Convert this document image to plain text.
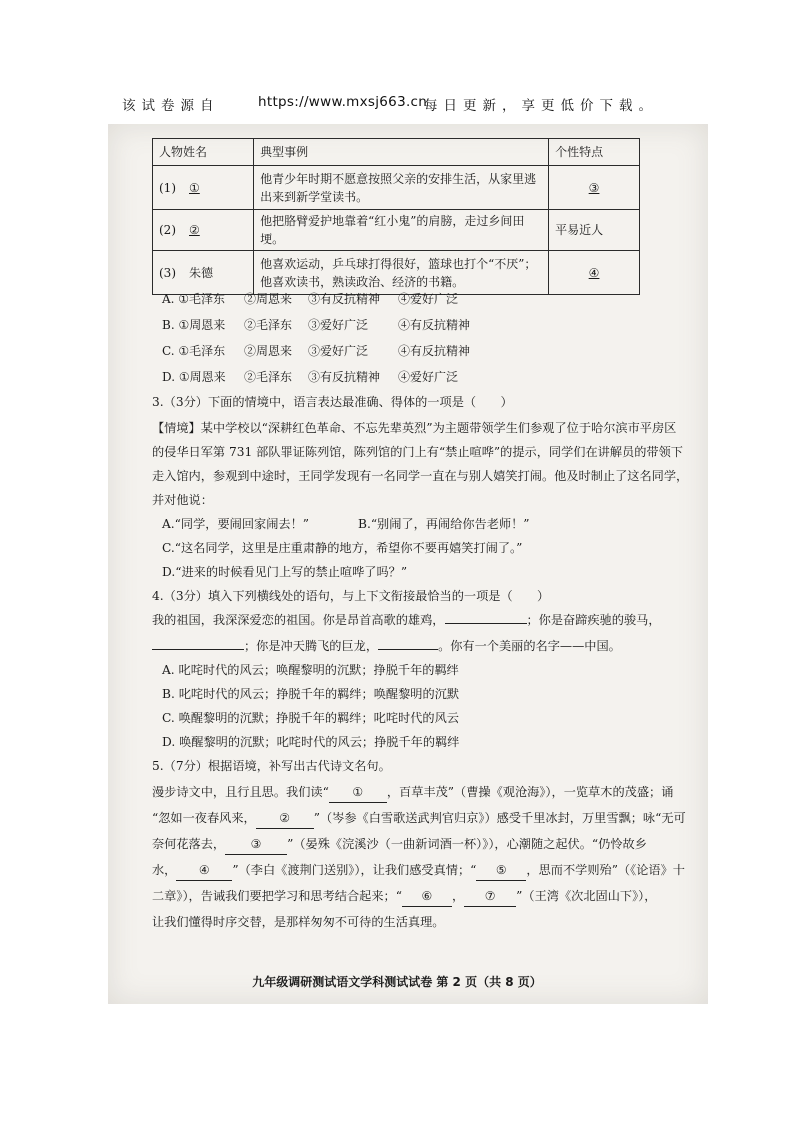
该试卷源自	https://www.mxsj663.cn
每日更新，享更低价下载。
人物姓名	典型事例	个性特点
(1) ①	他青少年时期不愿意按照父亲的安排生活，从家里逃出来到新学堂读书。	③
(2) ②	他把胳臂爱护地靠着“红小鬼”的肩膀，走过乡间田埂。	平易近人
(3) 朱德	他喜欢运动，乒乓球打得很好，篮球也打个“不厌”；他喜欢读书，熟读政治、经济的书籍。	④
A. ①毛泽东 ②周恩来 ③有反抗精神 ④爱好广泛
B. ①周恩来 ②毛泽东 ③爱好广泛 ④有反抗精神
C. ①毛泽东 ②周恩来 ③爱好广泛 ④有反抗精神
D. ①周恩来 ②毛泽东 ③有反抗精神 ④爱好广泛
3.（3分）下面的情境中，语言表达最准确、得体的一项是（　　）
【情境】某中学校以“深耕红色革命、不忘先辈英烈”为主题带领学生们参观了位于哈尔滨市平房区
的侵华日军第 731 部队罪证陈列馆，陈列馆的门上有“禁止喧哗”的提示，同学们在讲解员的带领下
走入馆内，参观到中途时，王同学发现有一名同学一直在与别人嬉笑打闹。他及时制止了这名同学，
并对他说：
A.“同学，要闹回家闹去！”	B.“别闹了，再闹给你告老师！”
C.“这名同学，这里是庄重肃静的地方，希望你不要再嬉笑打闹了。”
D.“进来的时候看见门上写的禁止喧哗了吗？”
4.（3分）填入下列横线处的语句，与上下文衔接最恰当的一项是（　　）
我的祖国，我深深爱恋的祖国。你是昂首高歌的雄鸡，	；你是奋蹄疾驰的骏马，
；你是冲天腾飞的巨龙，	。你有一个美丽的名字——中国。
A. 叱咤时代的风云；唤醒黎明的沉默；挣脱千年的羁绊
B. 叱咤时代的风云；挣脱千年的羁绊；唤醒黎明的沉默
C. 唤醒黎明的沉默；挣脱千年的羁绊；叱咤时代的风云
D. 唤醒黎明的沉默；叱咤时代的风云；挣脱千年的羁绊
5.（7分）根据语境，补写出古代诗文名句。
漫步诗文中，且行且思。我们读“ ① ，百草丰茂”（曹操《观沧海》），一览草木的茂盛；诵
“忽如一夜春风来， ② ”（岑参《白雪歌送武判官归京》）感受千里冰封，万里雪飘；咏“无可
奈何花落去， ③ ”（晏殊《浣溪沙（一曲新词酒一杯）》），心潮随之起伏。“仍怜故乡
水， ④ ”（李白《渡荆门送别》），让我们感受真情；“ ⑤ ，思而不学则殆”（《论语》十
二章》），告诫我们要把学习和思考结合起来；“ ⑥ ， ⑦ ”（王湾《次北固山下》），
让我们懂得时序交替，是那样匆匆不可待的生活真理。
九年级调研测试语文学科测试试卷 第 2 页（共 8 页）
